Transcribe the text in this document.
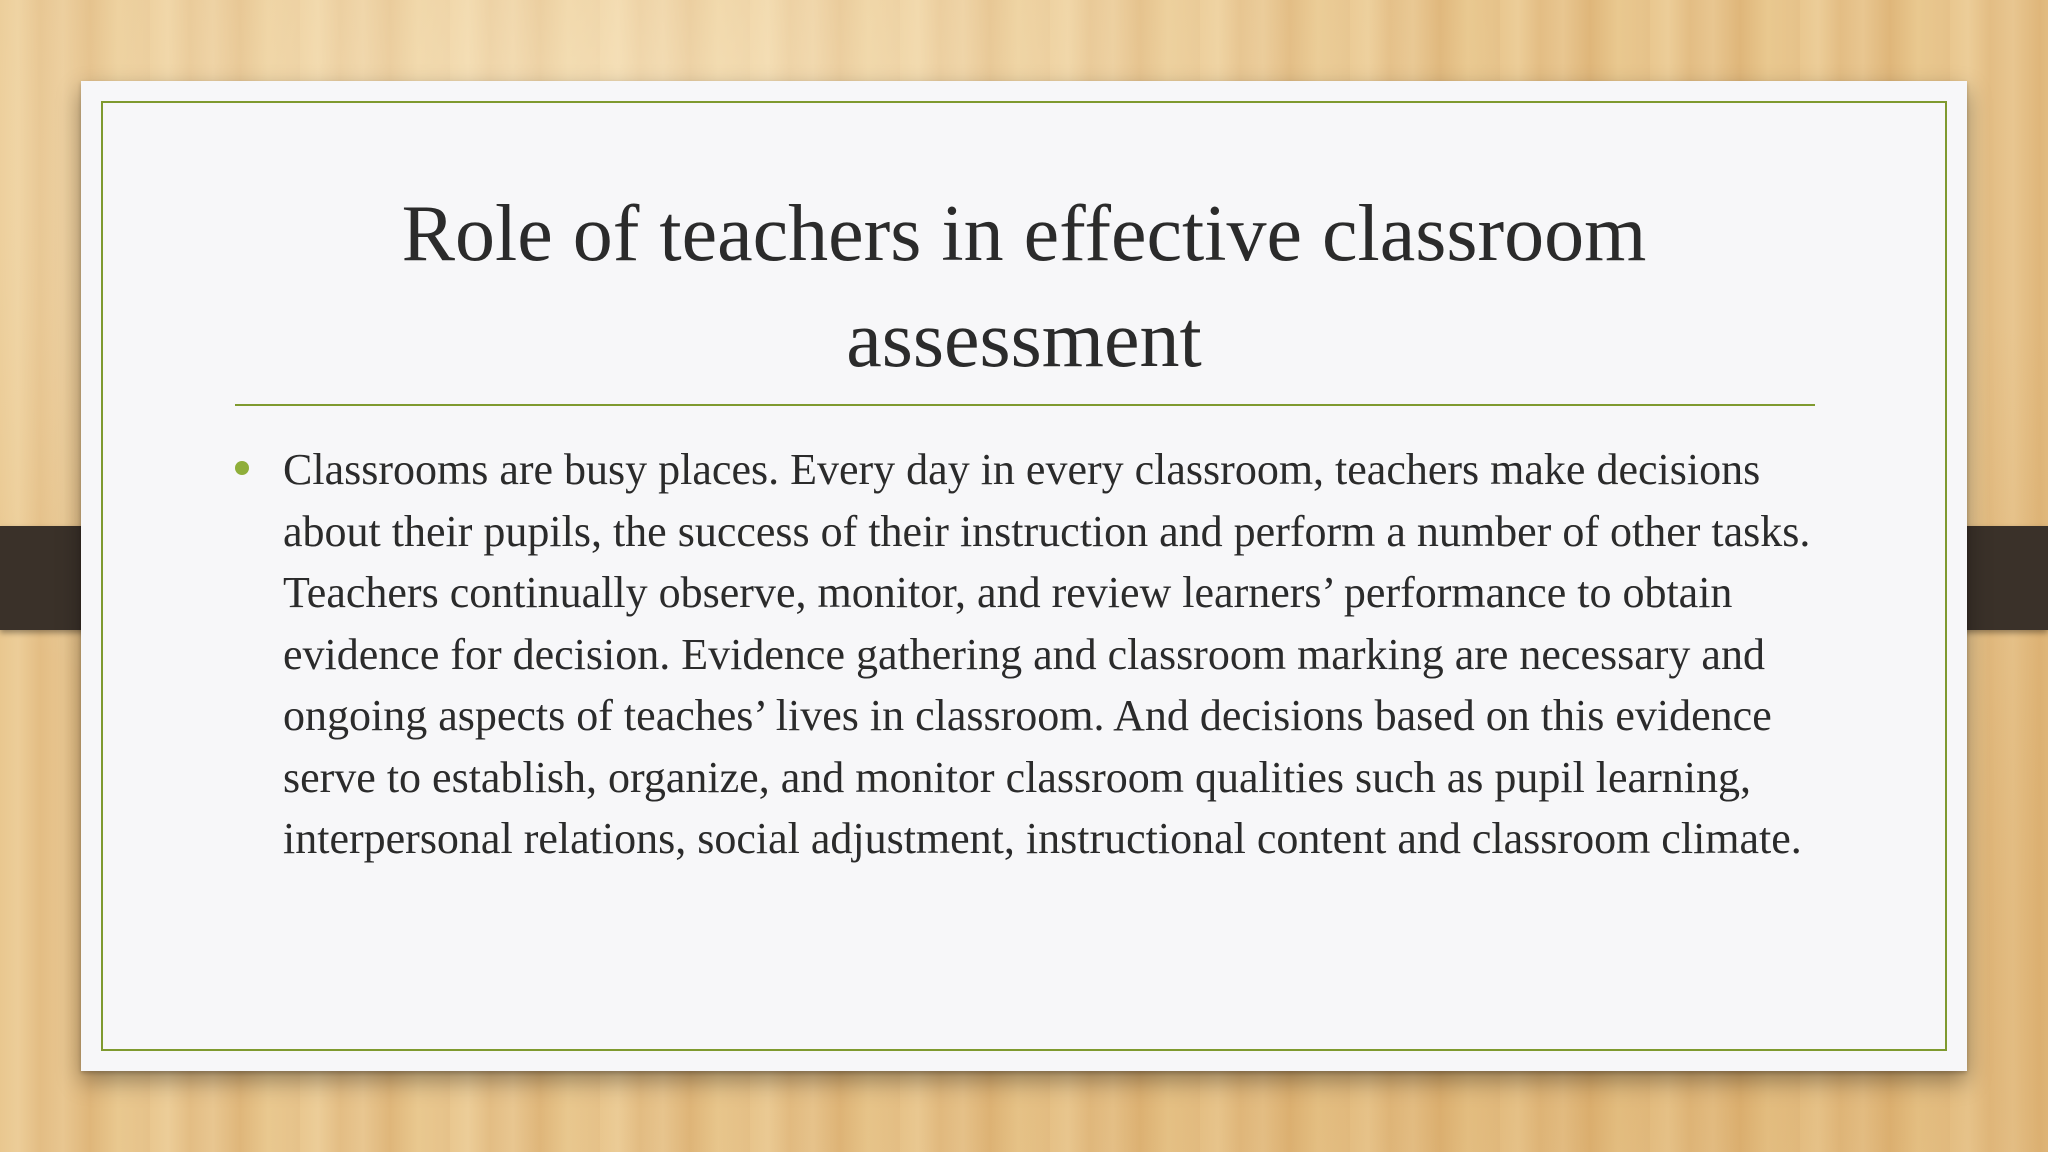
Role of teachers in effective classroom assessment
Classrooms are busy places. Every day in every classroom, teachers make decisions about their pupils, the success of their instruction and perform a number of other tasks. Teachers continually observe, monitor, and review learners’ performance to obtain evidence for decision. Evidence gathering and classroom marking are necessary and ongoing aspects of teaches’ lives in classroom. And decisions based on this evidence serve to establish, organize, and monitor classroom qualities such as pupil learning, interpersonal relations, social adjustment, instructional content and classroom climate.
